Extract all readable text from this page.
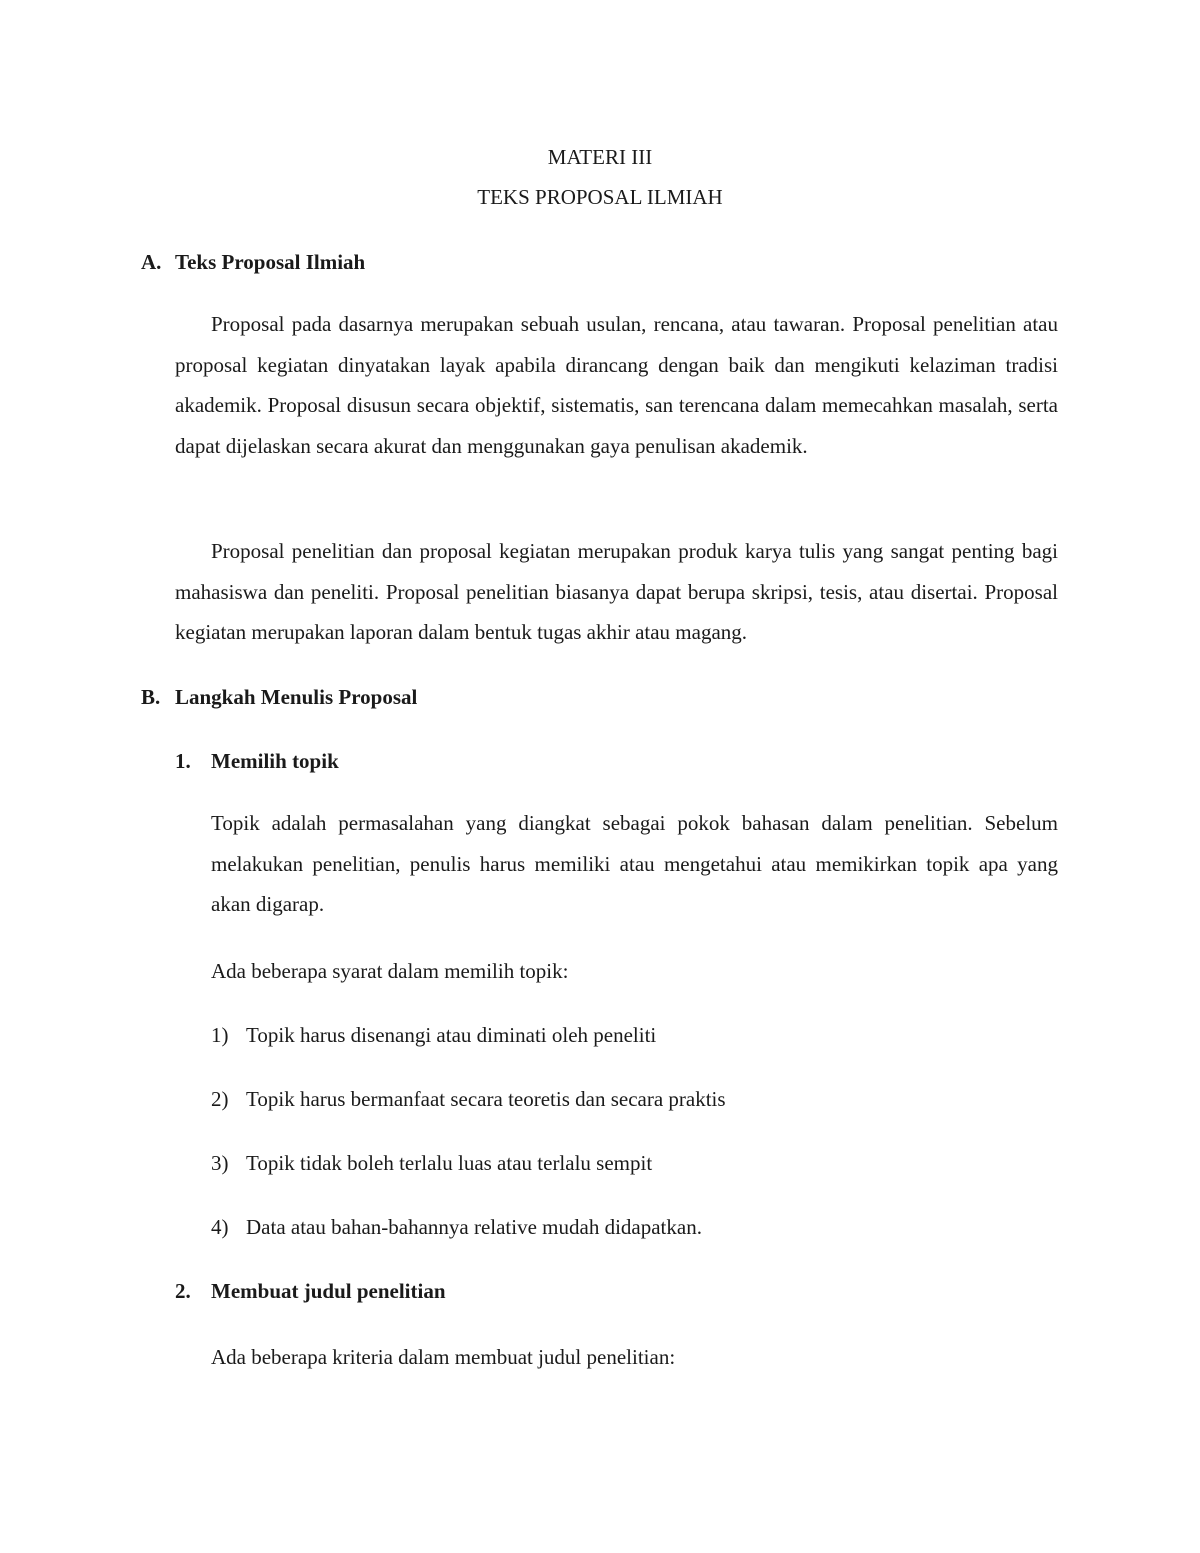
MATERI III
TEKS PROPOSAL ILMIAH
A. Teks Proposal Ilmiah
Proposal pada dasarnya merupakan sebuah usulan, rencana, atau tawaran. Proposal penelitian atau proposal kegiatan dinyatakan layak apabila dirancang dengan baik dan mengikuti kelaziman tradisi akademik. Proposal disusun secara objektif, sistematis, san terencana dalam memecahkan masalah, serta dapat dijelaskan secara akurat dan menggunakan gaya penulisan akademik.
Proposal penelitian dan proposal kegiatan merupakan produk karya tulis yang sangat penting bagi mahasiswa dan peneliti. Proposal penelitian biasanya dapat berupa skripsi, tesis, atau disertai. Proposal kegiatan merupakan laporan dalam bentuk tugas akhir atau magang.
B. Langkah Menulis Proposal
1. Memilih topik
Topik adalah permasalahan yang diangkat sebagai pokok bahasan dalam penelitian. Sebelum melakukan penelitian, penulis harus memiliki atau mengetahui atau memikirkan topik apa yang akan digarap.
Ada beberapa syarat dalam memilih topik:
1) Topik harus disenangi atau diminati oleh peneliti
2) Topik harus bermanfaat secara teoretis dan secara praktis
3) Topik tidak boleh terlalu luas atau terlalu sempit
4) Data atau bahan-bahannya relative mudah didapatkan.
2. Membuat judul penelitian
Ada beberapa kriteria dalam membuat judul penelitian:
